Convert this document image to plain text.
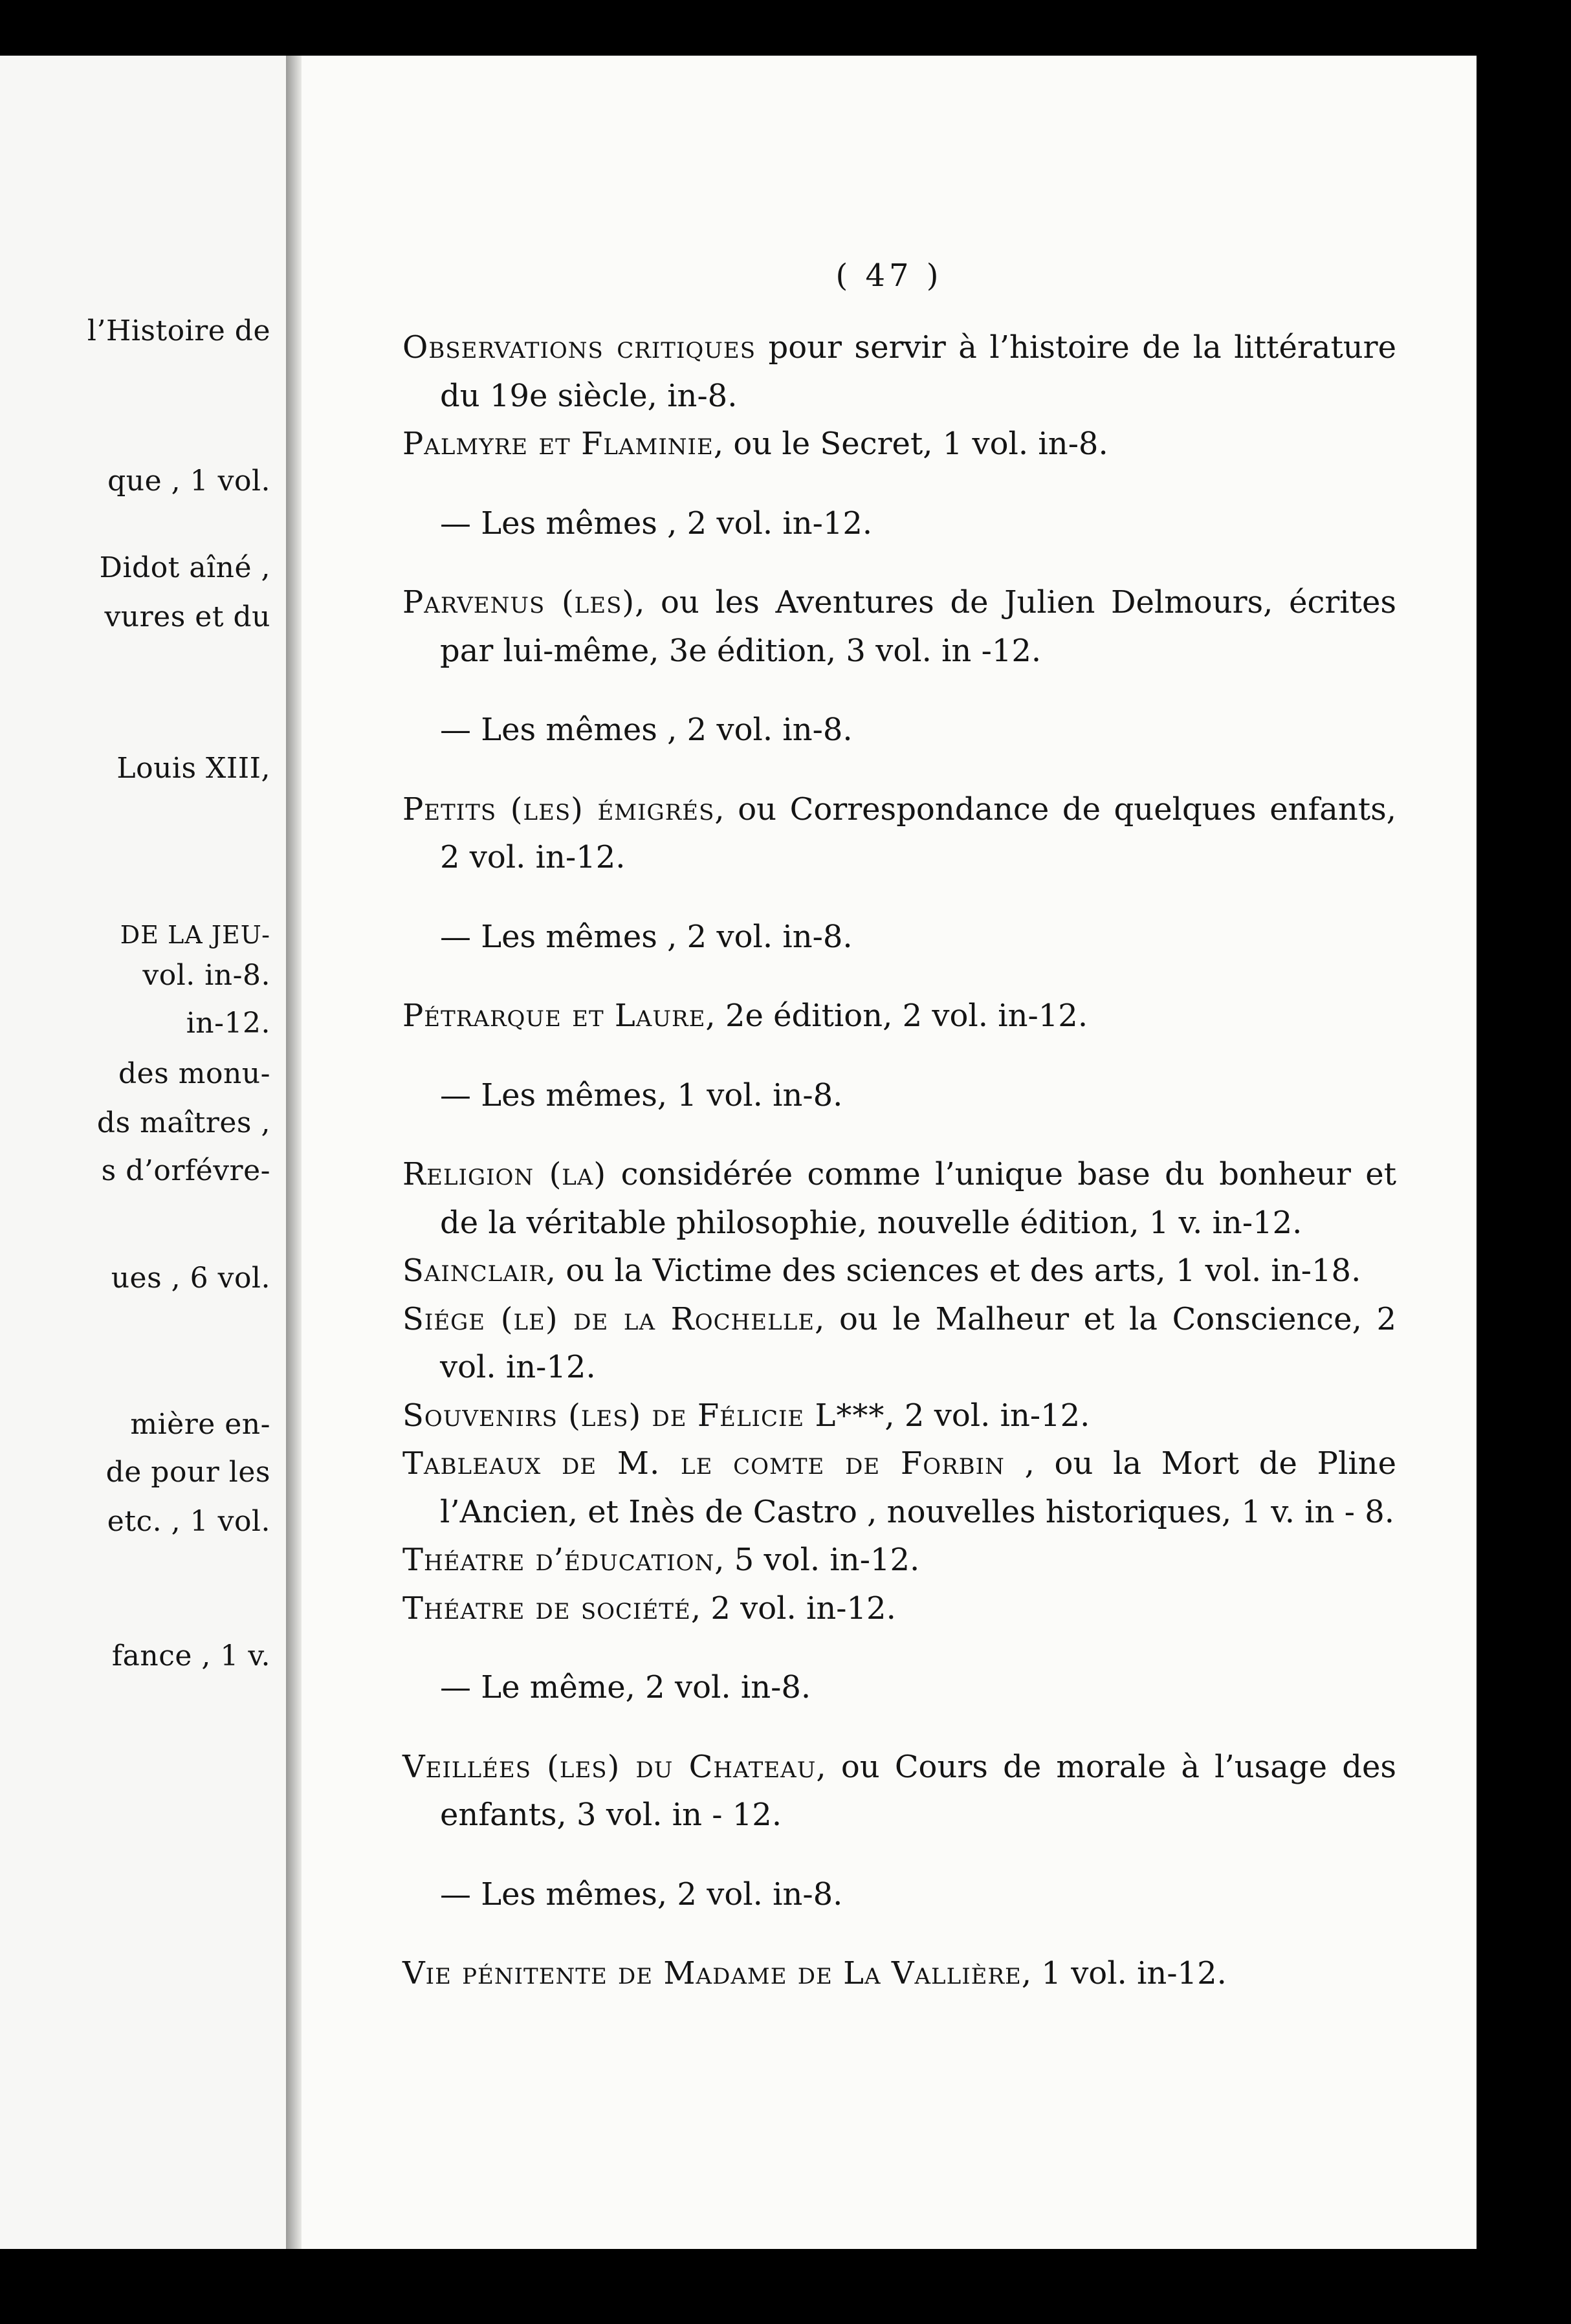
l’Histoire de
que , 1 vol.
Didot aîné ,
vures et du
Louis XIII,
DE LA JEU-
vol. in-8.
in-12.
des monu-
ds maîtres ,
s d’orfévre-
ues , 6 vol.
mière en-
de pour les
etc. , 1 vol.
fance , 1 v.
( 47 )

Observations critiques pour servir à l’histoire de la littérature du 19e siècle, in-8.

Palmyre et Flaminie, ou le Secret, 1 vol. in-8.

— Les mêmes , 2 vol. in-12.

Parvenus (les), ou les Aventures de Julien Delmours, écrites par lui-même, 3e édition, 3 vol. in -12.

— Les mêmes , 2 vol. in-8.

Petits (les) émigrés, ou Correspondance de quelques enfants, 2 vol. in-12.

— Les mêmes , 2 vol. in-8.

Pétrarque et Laure, 2e édition, 2 vol. in-12.

— Les mêmes, 1 vol. in-8.

Religion (la) considérée comme l’unique base du bonheur et de la véritable philosophie, nouvelle édition, 1 v. in-12.

Sainclair, ou la Victime des sciences et des arts, 1 vol. in-18.

Siége (le) de la Rochelle, ou le Malheur et la Conscience, 2 vol. in-12.

Souvenirs (les) de Félicie L***, 2 vol. in-12.

Tableaux de M. le comte de Forbin , ou la Mort de Pline l’Ancien, et Inès de Castro , nouvelles historiques, 1 v. in - 8.

Théatre d’éducation, 5 vol. in-12.

Théatre de société, 2 vol. in-12.

— Le même, 2 vol. in-8.

Veillées (les) du Chateau, ou Cours de morale à l’usage des enfants, 3 vol. in - 12.

— Les mêmes, 2 vol. in-8.

Vie pénitente de Madame de La Vallière, 1 vol. in-12.
